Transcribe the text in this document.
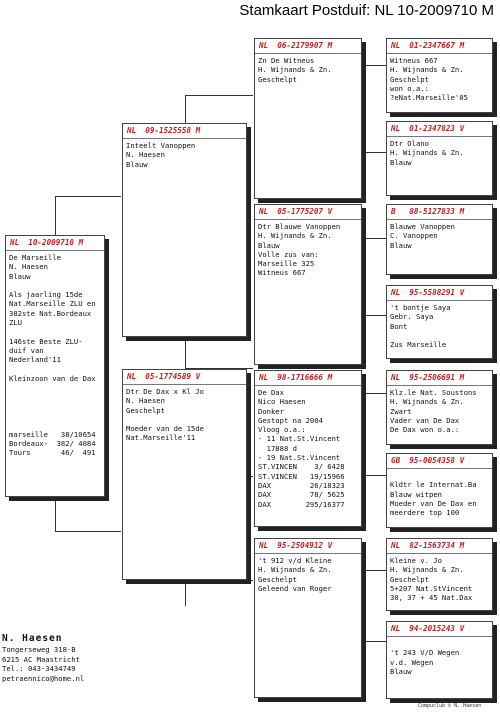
Stamkaart Postduif: NL 10-2009710 M
NL  10-2009710 M
De Marseille
N. Haesen
Blauw

Als jaarling 15de
Nat.Marseille ZLU en
382ste Nat.Bordeaux
ZLU

146ste Beste ZLU-
duif van
Nederland'11

Kleinzoon van de Dax

marseille   38/10654
Bordeaux-  382/ 4084
Tours       46/  491
NL  09-1525558 M
Inteelt Vanoppen
N. Haesen
Blauw
NL  05-1774589 V
Dtr De Dax x Kl Jo
N. Haesen
Geschelpt

Moeder van de 15de
Nat.Marseille'11
NL  06-2179907 M
Zn De Witneus
H. Wijnands & Zn.
Geschelpt
NL  05-1775207 V
Dtr Blauwe Vanoppen
H. Wijnands & Zn.
Blauw
Volle zus van:
Marseille 325
Witneus 667
NL  98-1716666 M
De Dax
Nico Haesen
Donker
Gestopt na 2004
Vloog o.a.:
- 11 Nat.St.Vincent
17888 d
- 19 Nat.St.Vincent
ST.VINCEN    3/ 6428
ST.VINCEN   19/15966
DAX         26/18323
DAX         78/ 5625
DAX        295/16377
NL  95-2504912 V
't 912 v/d Kleine
H. Wijnands & Zn.
Geschelpt
Geleend van Roger
NL  01-2347667 M
Witneus 667
H. Wijnands & Zn.
Geschelpt
won o.a.:
?eNat.Marseille'05
NL  01-2347823 V
Dtr Olano
H. Wijnands & Zn.
Blauw
B   88-5127833 M
Blauwe Vanoppen
C. Vanoppen
Blauw
NL  95-5588291 V
't bontje Saya
Gebr. Saya
Bont

Zus Marseille
NL  95-2506691 M
Klz.le Nat. Soustons
H. Wijnands & Zn.
Zwart
Vader van De Dax
De Dax won o.a.:
GB  95-0054358 V

Kldtr le Internat.Ba
Blauw witpen
Moeder van De Dax en
meerdere top 100
NL  82-1563734 M
Kleine v. Jo
H. Wijnands & Zn.
Geschelpt
5+207 Nat.StVincent
30, 37 + 45 Nat.Dax
NL  94-2015243 V

't 243 V/D Wegen
v.d. Wegen
Blauw
N. Haesen
Tongerseweg 318-B
6215 AC Maastricht
Tel.: 043-3434749
petraennico@home.nl
Compuclub © N. Haesen
